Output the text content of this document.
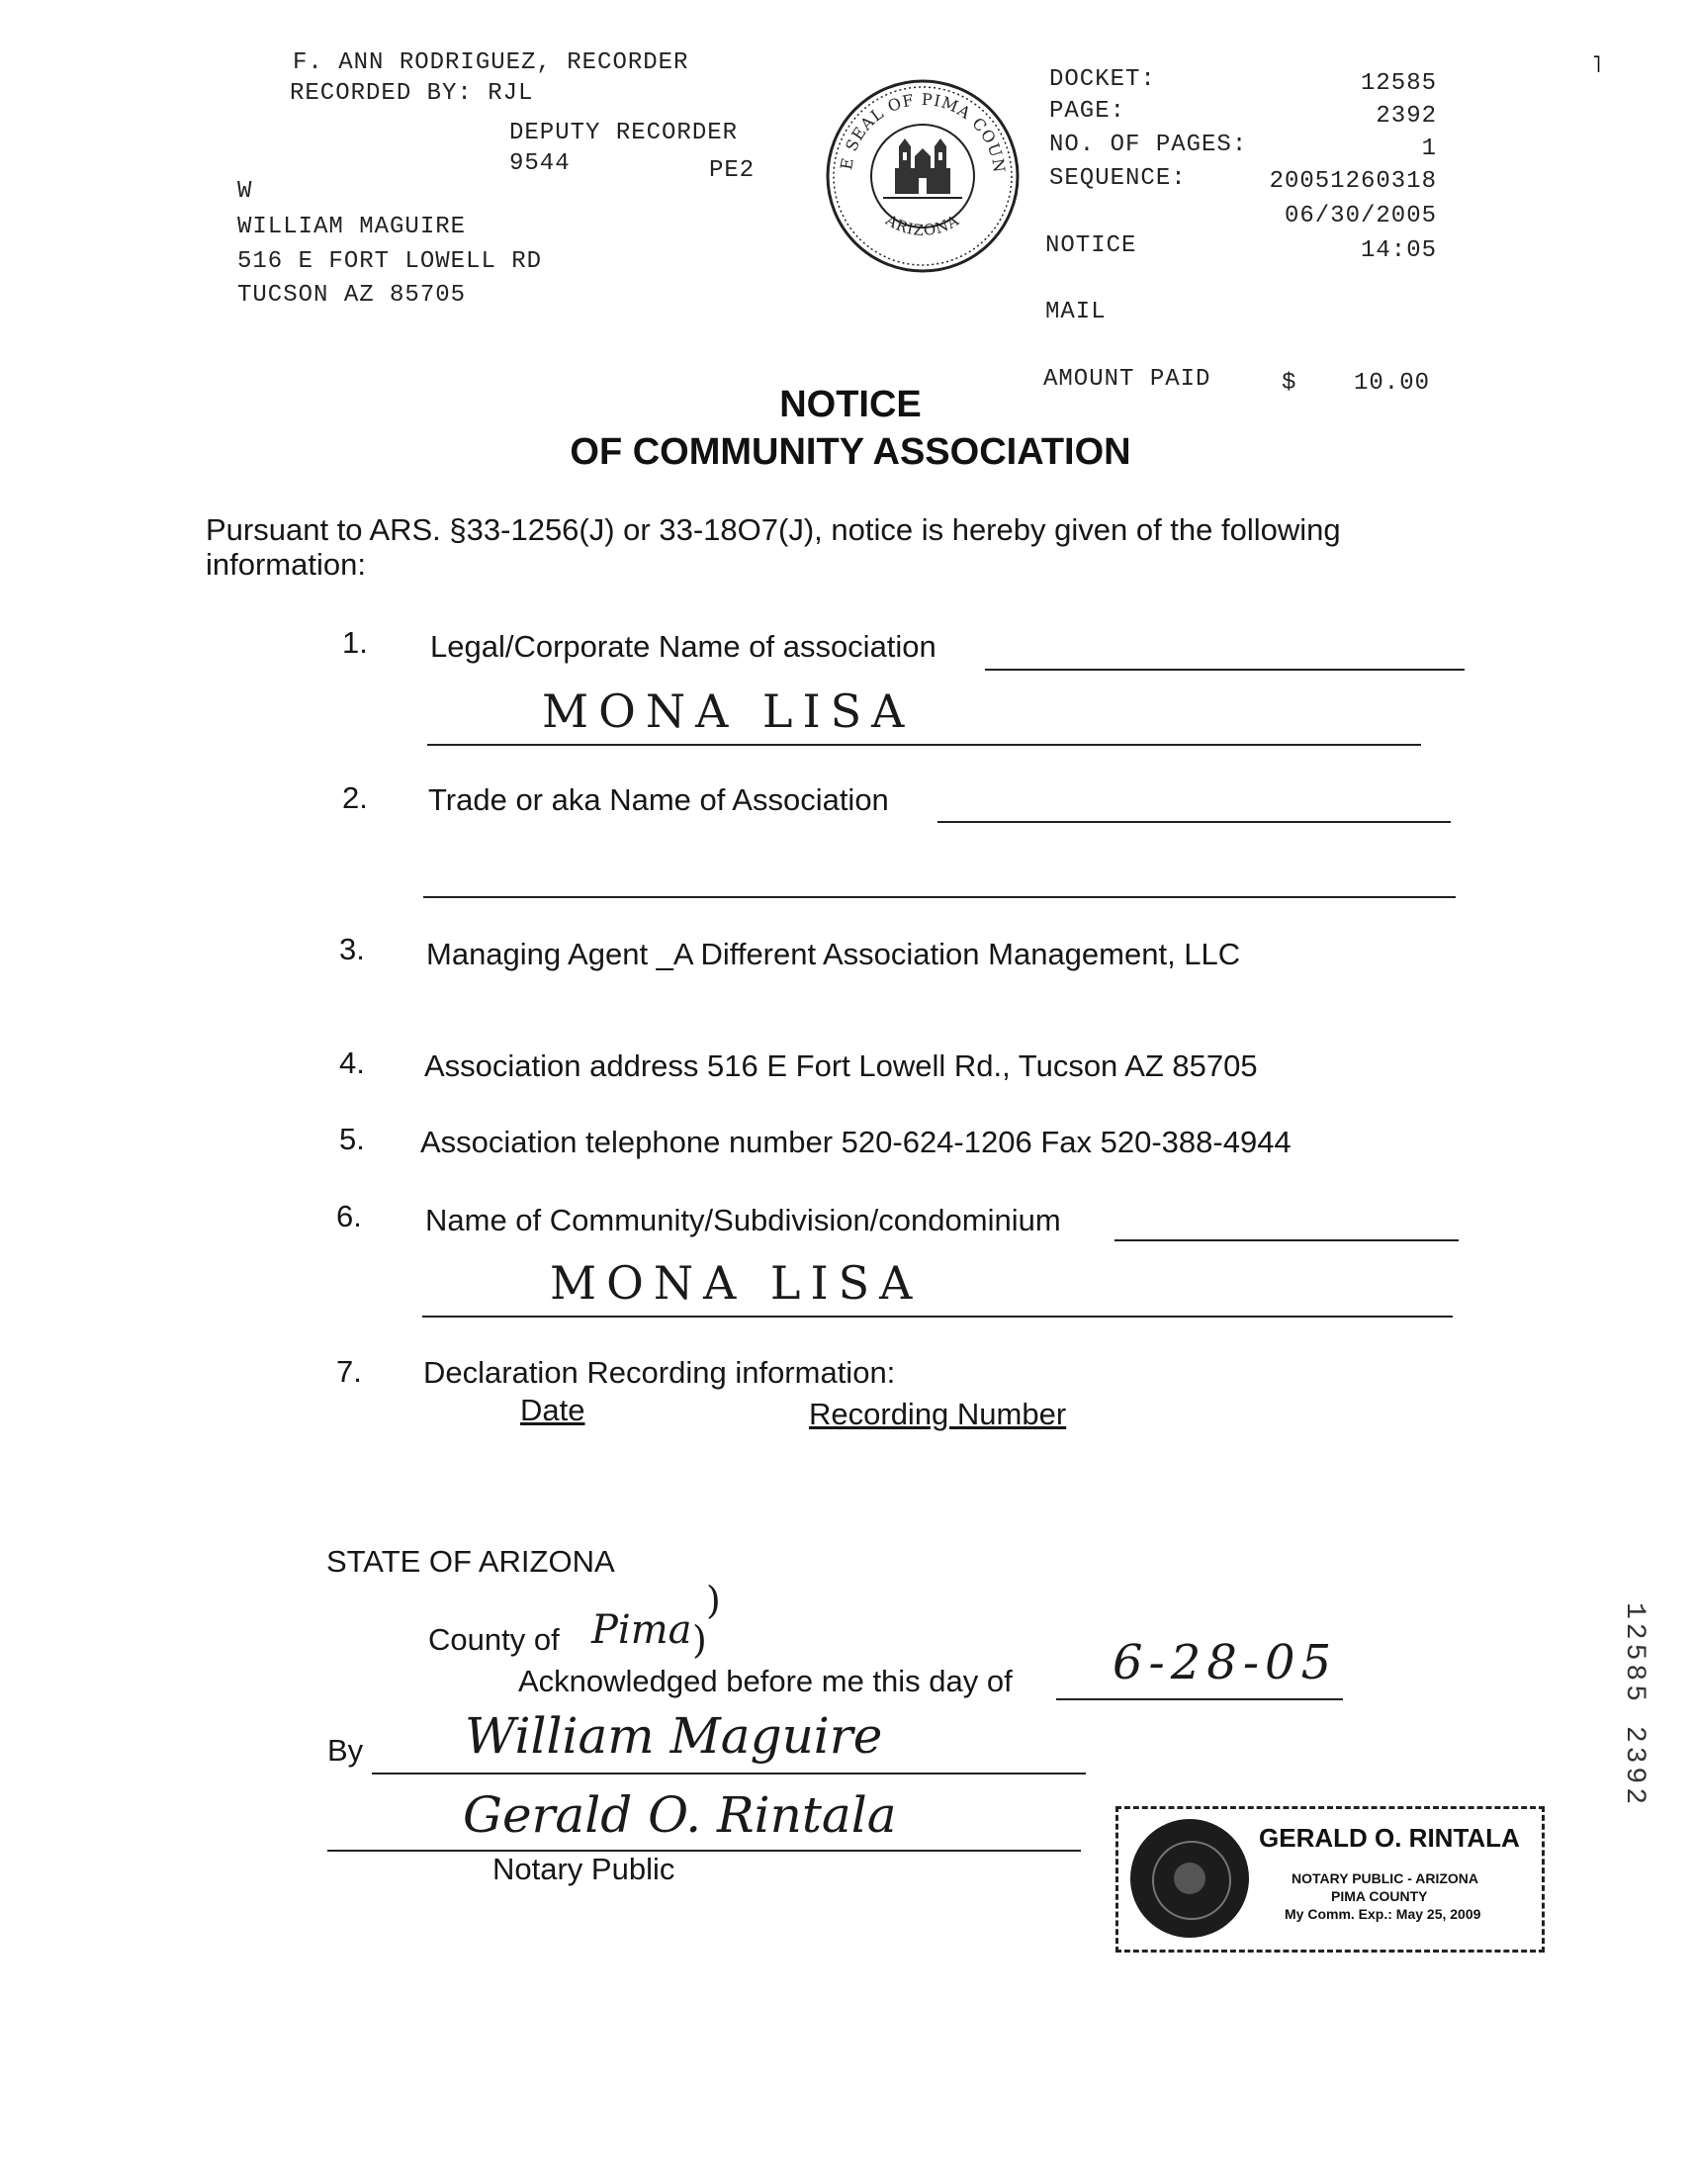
F. ANN RODRIGUEZ, RECORDER
RECORDED BY: RJL
DEPUTY RECORDER
9544	PE2
W
WILLIAM MAGUIRE
516 E FORT LOWELL RD
TUCSON AZ 85705
E SEAL OF PIMA COUN
ARIZONA
DOCKET:	12585
PAGE:	2392
NO. OF PAGES:	1
SEQUENCE:	20051260318
06/30/2005
NOTICE	14:05
MAIL
AMOUNT PAID	$	10.00
˥
NOTICE
OF COMMUNITY ASSOCIATION
Pursuant to ARS. §33-1256(J) or 33-18O7(J), notice is hereby given of the following
information:
1. Legal/Corporate Name of association
MONA LISA
2. Trade or aka Name of Association
3. Managing Agent _A Different Association Management, LLC
4. Association address 516 E Fort Lowell Rd., Tucson AZ 85705
5. Association telephone number 520-624-1206 Fax 520-388-4944
6. Name of Community/Subdivision/condominium
MONA LISA
7. Declaration Recording information:
Date	Recording Number
STATE OF ARIZONA
County of Pima
)
)
Acknowledged before me this day of 6-28-05
By William Maguire
Gerald O. Rintala
Notary Public
GERALD O. RINTALA
NOTARY PUBLIC - ARIZONA
PIMA COUNTY
My Comm. Exp.: May 25, 2009
12585 2392
